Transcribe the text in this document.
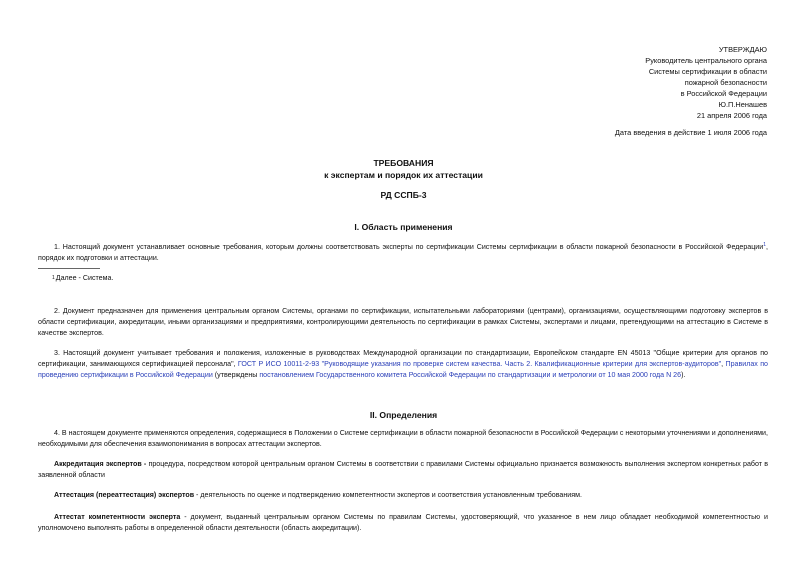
УТВЕРЖДАЮ
Руководитель центрального органа
Системы сертификации в области
пожарной безопасности
в Российской Федерации
Ю.П.Ненашев
21 апреля 2006 года
Дата введения в действие 1 июля 2006 года
ТРЕБОВАНИЯ
к экспертам и порядок их аттестации
РД ССПБ-3
I. Область применения
1. Настоящий документ устанавливает основные требования, которым должны соответствовать эксперты по сертификации Системы сертификации в области пожарной безопасности в Российской Федерации$^1$, порядок их подготовки и аттестации.
$^1$Далее - Система.
2. Документ предназначен для применения центральным органом Системы, органами по сертификации, испытательными лабораториями (центрами), организациями, осуществляющими подготовку экспертов в области сертификации, аккредитации, иными организациями и предприятиями, контролирующими деятельность по сертификации в рамках Системы, экспертами и лицами, претендующими на аттестацию в Системе в качестве экспертов.
3. Настоящий документ учитывает требования и положения, изложенные в руководствах Международной организации по стандартизации, Европейском стандарте EN 45013 "Общие критерии для органов по сертификации, занимающихся сертификацией персонала", ГОСТ Р ИСО 10011-2-93 "Руководящие указания по проверке систем качества. Часть 2. Квалификационные критерии для экспертов-аудиторов", Правилах по проведению сертификации в Российской Федерации (утверждены постановлением Государственного комитета Российской Федерации по стандартизации и метрологии от 10 мая 2000 года N 26).
II. Определения
4. В настоящем документе применяются определения, содержащиеся в Положении о Системе сертификации в области пожарной безопасности в Российской Федерации с некоторыми уточнениями и дополнениями, необходимыми для обеспечения взаимопонимания в вопросах аттестации экспертов.
Аккредитация экспертов - процедура, посредством которой центральным органом Системы в соответствии с правилами Системы официально признается возможность выполнения экспертом конкретных работ в заявленной области
Аттестация (переаттестация) экспертов - деятельность по оценке и подтверждению компетентности экспертов и соответствия установленным требованиям.
Аттестат компетентности эксперта - документ, выданный центральным органом Системы по правилам Системы, удостоверяющий, что указанное в нем лицо обладает необходимой компетентностью и уполномочено выполнять работы в определенной области деятельности (область аккредитации).
